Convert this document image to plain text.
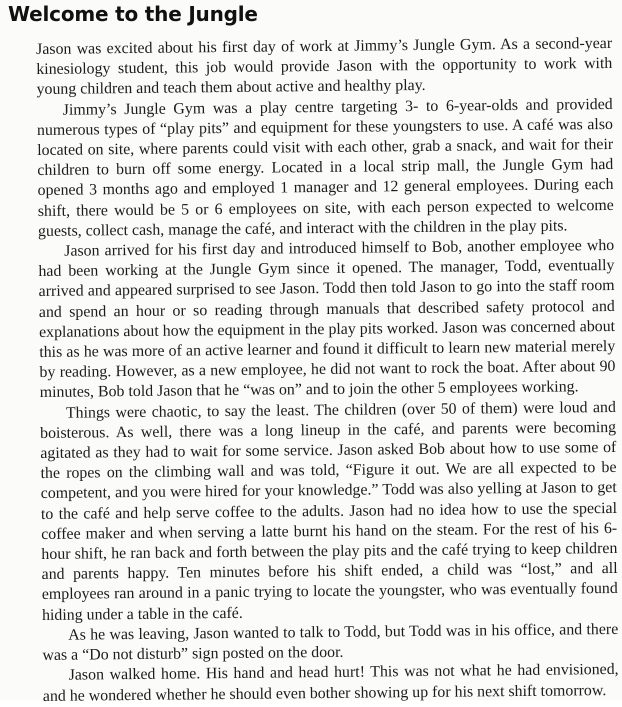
Welcome to the Jungle

Jason was excited about his first day of work at Jimmy’s Jungle Gym. As a second-year kinesiology student, this job would provide Jason with the opportunity to work with young children and teach them about active and healthy play.

Jimmy’s Jungle Gym was a play centre targeting 3- to 6-year-olds and provided numerous types of “play pits” and equipment for these youngsters to use. A café was also located on site, where parents could visit with each other, grab a snack, and wait for their children to burn off some energy. Located in a local strip mall, the Jungle Gym had opened 3 months ago and employed 1 manager and 12 general employees. During each shift, there would be 5 or 6 employees on site, with each person expected to welcome guests, collect cash, manage the café, and interact with the children in the play pits.

Jason arrived for his first day and introduced himself to Bob, another employee who had been working at the Jungle Gym since it opened. The manager, Todd, eventually arrived and appeared surprised to see Jason. Todd then told Jason to go into the staff room and spend an hour or so reading through manuals that described safety protocol and explanations about how the equipment in the play pits worked. Jason was concerned about this as he was more of an active learner and found it difficult to learn new material merely by reading. However, as a new employee, he did not want to rock the boat. After about 90 minutes, Bob told Jason that he “was on” and to join the other 5 employees working.

Things were chaotic, to say the least. The children (over 50 of them) were loud and boisterous. As well, there was a long lineup in the café, and parents were becoming agitated as they had to wait for some service. Jason asked Bob about how to use some of the ropes on the climbing wall and was told, “Figure it out. We are all expected to be competent, and you were hired for your knowledge.” Todd was also yelling at Jason to get to the café and help serve coffee to the adults. Jason had no idea how to use the special coffee maker and when serving a latte burnt his hand on the steam. For the rest of his 6-hour shift, he ran back and forth between the play pits and the café trying to keep children and parents happy. Ten minutes before his shift ended, a child was “lost,” and all employees ran around in a panic trying to locate the youngster, who was eventually found hiding under a table in the café.

As he was leaving, Jason wanted to talk to Todd, but Todd was in his office, and there was a “Do not disturb” sign posted on the door.

Jason walked home. His hand and head hurt! This was not what he had envisioned, and he wondered whether he should even bother showing up for his next shift tomorrow.
